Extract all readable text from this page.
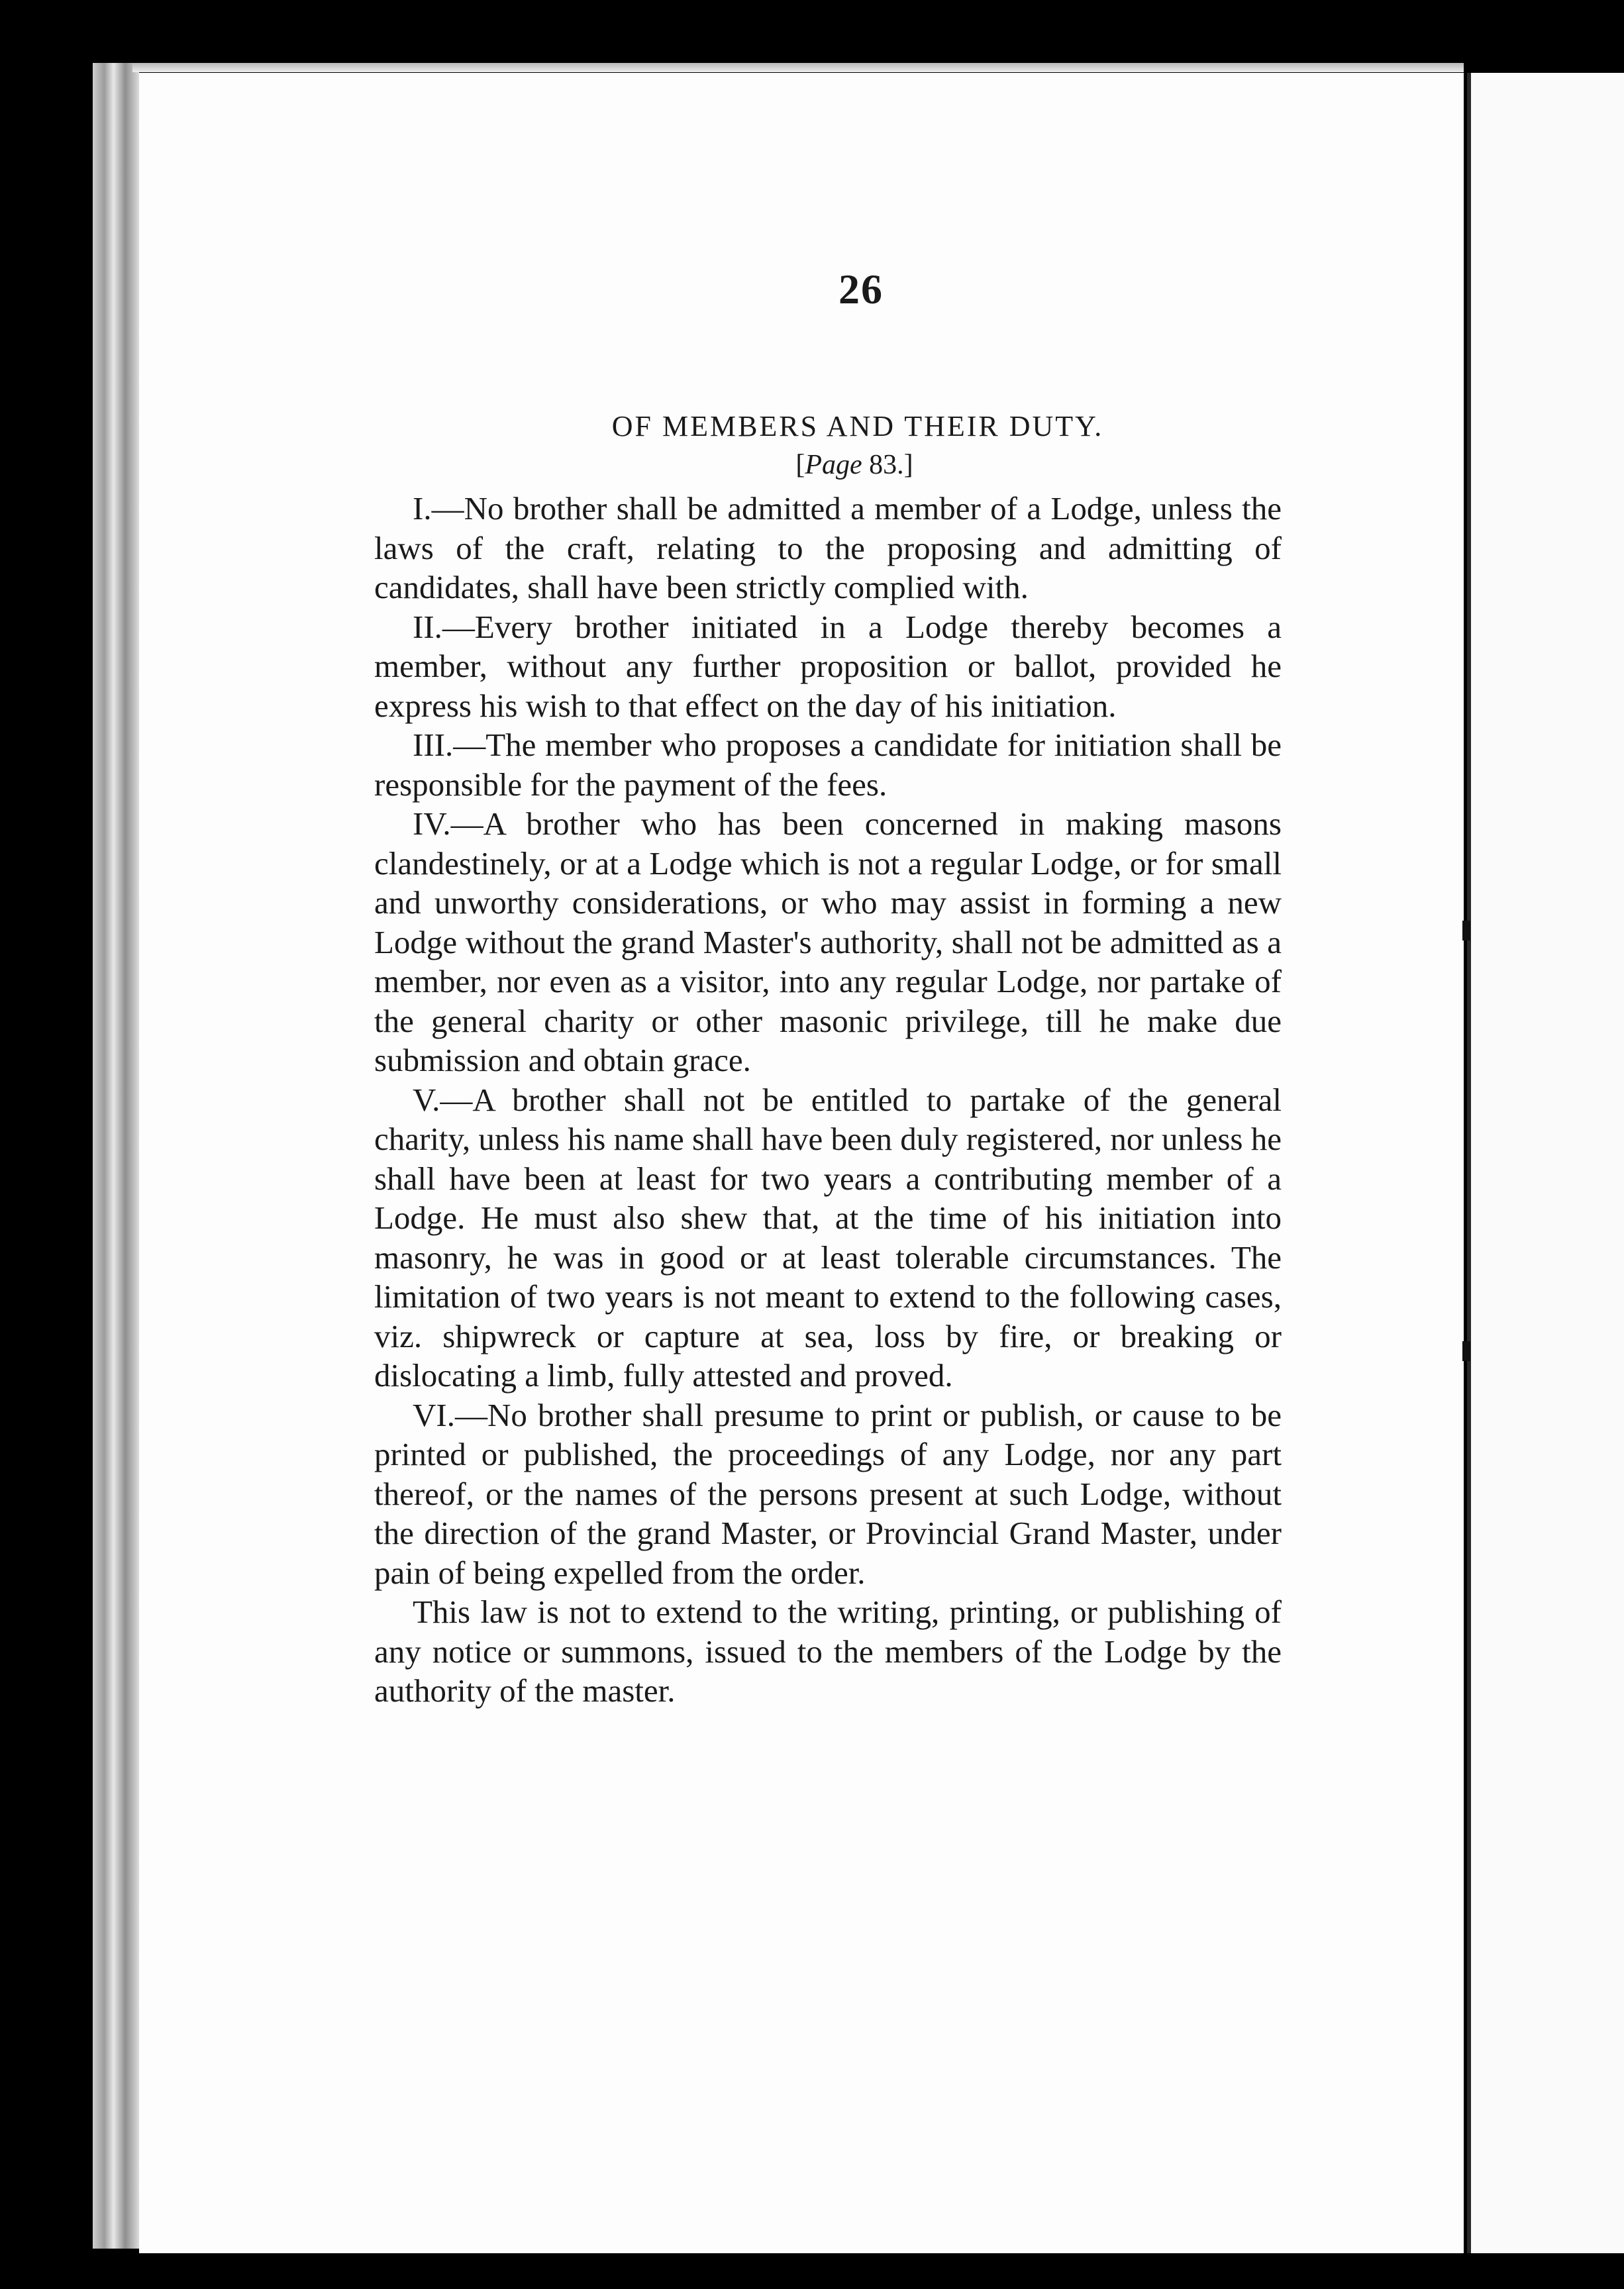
26
OF MEMBERS AND THEIR DUTY.
[Page 83.]

I.—No brother shall be admitted a member of a Lodge, unless the laws of the craft, relating to the proposing and admitting of candidates, shall have been strictly complied with.

II.—Every brother initiated in a Lodge thereby becomes a member, without any further proposition or ballot, provided he express his wish to that effect on the day of his initiation.

III.—The member who proposes a candidate for initiation shall be responsible for the payment of the fees.

IV.—A brother who has been concerned in making masons clandestinely, or at a Lodge which is not a regular Lodge, or for small and unworthy considerations, or who may assist in forming a new Lodge without the grand Master's authority, shall not be admitted as a member, nor even as a visitor, into any regular Lodge, nor partake of the general charity or other masonic privilege, till he make due submission and obtain grace.

V.—A brother shall not be entitled to partake of the general charity, unless his name shall have been duly registered, nor unless he shall have been at least for two years a contributing member of a Lodge. He must also shew that, at the time of his initiation into masonry, he was in good or at least tolerable circumstances. The limitation of two years is not meant to extend to the following cases, viz. shipwreck or capture at sea, loss by fire, or breaking or dislocating a limb, fully attested and proved.

VI.—No brother shall presume to print or publish, or cause to be printed or published, the proceedings of any Lodge, nor any part thereof, or the names of the persons present at such Lodge, without the direction of the grand Master, or Provincial Grand Master, under pain of being expelled from the order.

This law is not to extend to the writing, printing, or publishing of any notice or summons, issued to the members of the Lodge by the authority of the master.
